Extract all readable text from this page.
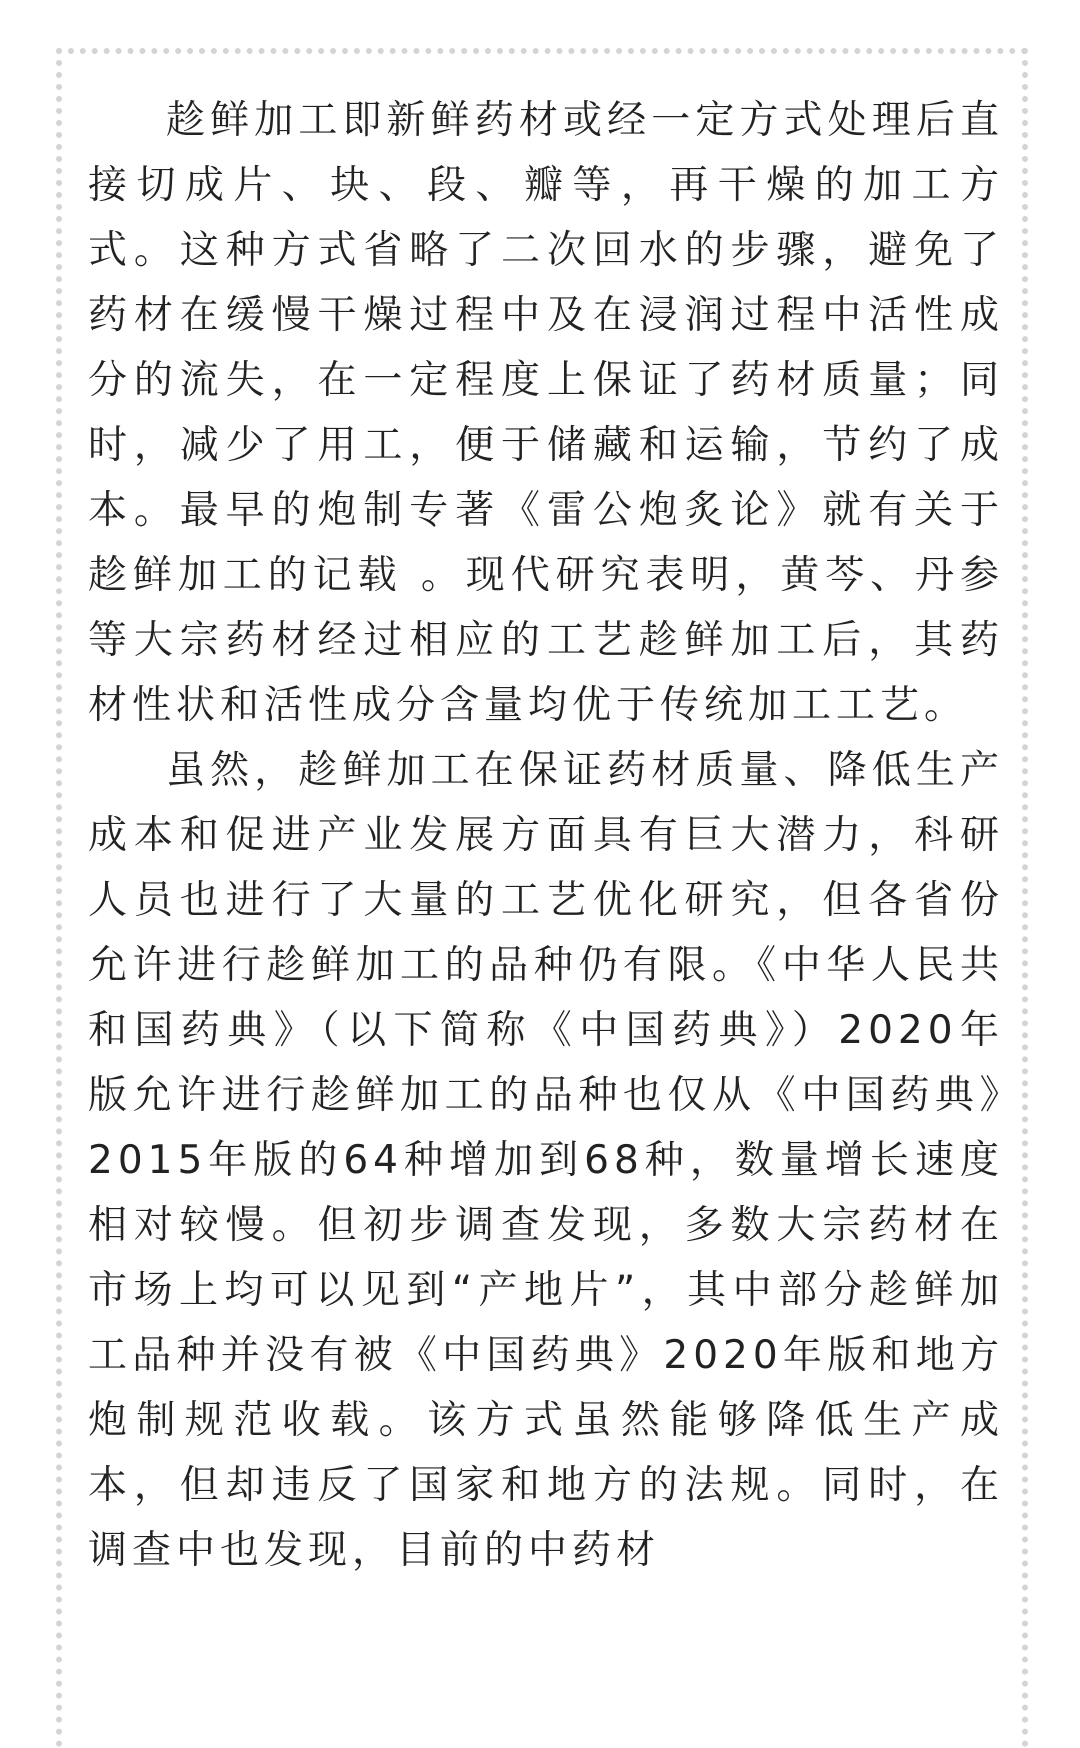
趁鲜加工即新鲜药材或经一定方式处理后直接切成片、块、段、瓣等，再干燥的加工方式。这种方式省略了二次回水的步骤，避免了药材在缓慢干燥过程中及在浸润过程中活性成分的流失，在一定程度上保证了药材质量；同时，减少了用工，便于储藏和运输，节约了成本。最早的炮制专著《雷公炮炙论》就有关于趁鲜加工的记载 。现代研究表明，黄芩、丹参等大宗药材经过相应的工艺趁鲜加工后，其药材性状和活性成分含量均优于传统加工工艺。

虽然，趁鲜加工在保证药材质量、降低生产成本和促进产业发展方面具有巨大潜力，科研人员也进行了大量的工艺优化研究，但各省份允许进行趁鲜加工的品种仍有限。《中华人民共和国药典》（以下简称《中国药典》）2020年版允许进行趁鲜加工的品种也仅从《中国药典》2015年版的64种增加到68种，数量增长速度相对较慢。但初步调查发现，多数大宗药材在市场上均可以见到“产地片”，其中部分趁鲜加工品种并没有被《中国药典》2020年版和地方炮制规范收载。该方式虽然能够降低生产成本，但却违反了国家和地方的法规。同时，在调查中也发现，目前的中药材
